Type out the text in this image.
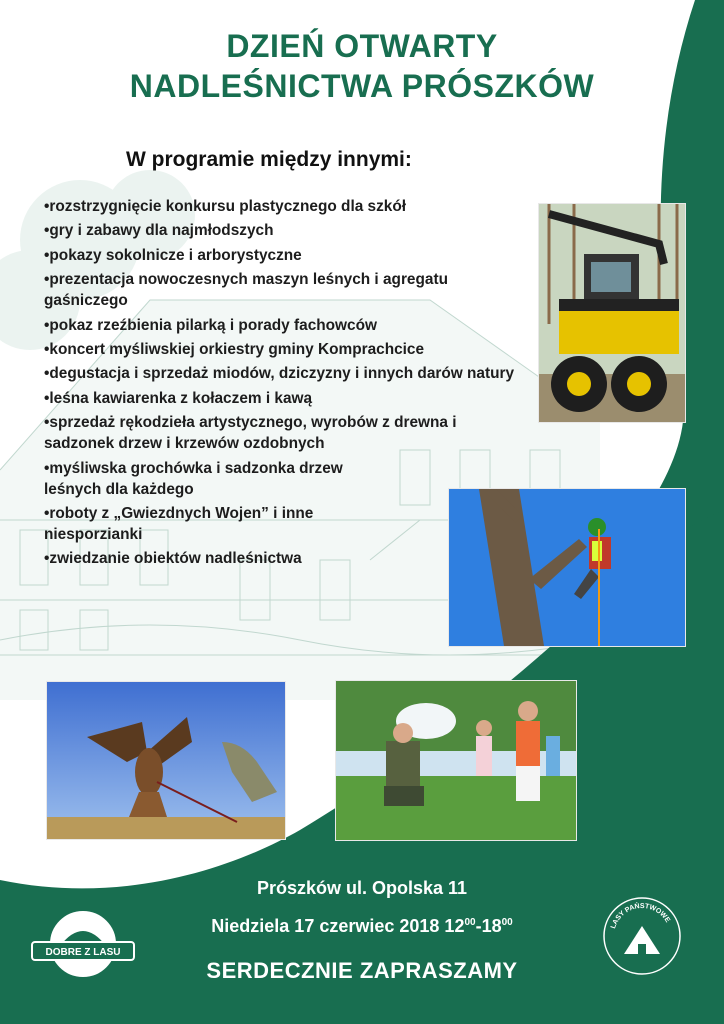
DZIEŃ OTWARTY
NADLEŚNICTWA PRÓSZKÓW
W programie między innymi:
• rozstrzygnięcie konkursu plastycznego dla szkół
• gry i zabawy dla najmłodszych
• pokazy sokolnicze i arborystyczne
• prezentacja nowoczesnych maszyn leśnych i agregatu gaśniczego
• pokaz rzeźbienia pilarką i porady fachowców
• koncert myśliwskiej orkiestry gminy Komprachcice
• degustacja i sprzedaż miodów, dziczyzny i innych darów natury
• leśna kawiarenka z kołaczem i kawą
• sprzedaż rękodzieła artystycznego, wyrobów z drewna i sadzonek drzew i krzewów ozdobnych
• myśliwska grochówka i sadzonka drzew leśnych dla każdego
• roboty z „Gwiezdnych Wojen” i inne niesporzianki
• zwiedzanie obiektów nadleśnictwa
Prószków ul. Opolska 11
Niedziela 17 czerwiec 2018 $12^{00}-18^{00}$
SERDECZNIE ZAPRASZAMY
DOBRE Z LASU
LASY PAŃSTWOWE
